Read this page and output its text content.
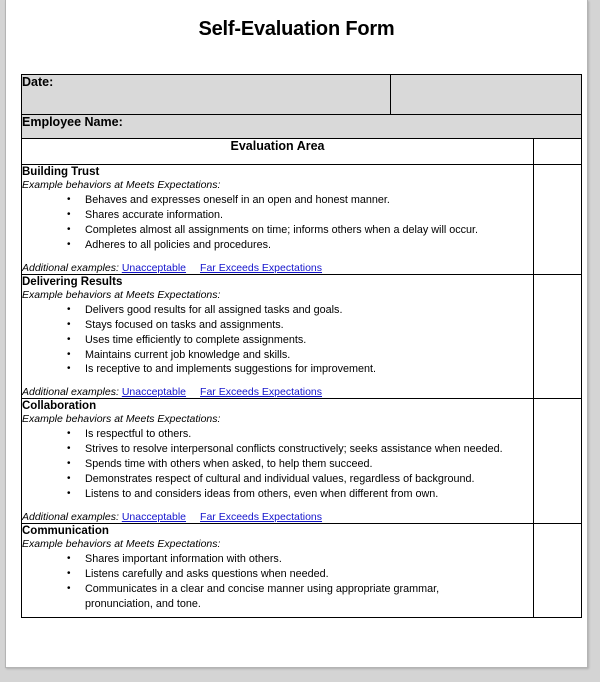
Self-Evaluation Form
Date:		
Employee Name:		
Evaluation Area		

Building Trust
Example behaviors at Meets Expectations:
• Behaves and expresses oneself in an open and honest manner.
• Shares accurate information.
• Completes almost all assignments on time; informs others when a delay will occur.
• Adheres to all policies and procedures.
Additional examples: Unacceptable Far Exceeds Expectations

Delivering Results
Example behaviors at Meets Expectations:
• Delivers good results for all assigned tasks and goals.
• Stays focused on tasks and assignments.
• Uses time efficiently to complete assignments.
• Maintains current job knowledge and skills.
• Is receptive to and implements suggestions for improvement.
Additional examples: Unacceptable Far Exceeds Expectations

Collaboration
Example behaviors at Meets Expectations:
• Is respectful to others.
• Strives to resolve interpersonal conflicts constructively; seeks assistance when needed.
• Spends time with others when asked, to help them succeed.
• Demonstrates respect of cultural and individual values, regardless of background.
• Listens to and considers ideas from others, even when different from own.
Additional examples: Unacceptable Far Exceeds Expectations

Communication
Example behaviors at Meets Expectations:
• Shares important information with others.
• Listens carefully and asks questions when needed.
• Communicates in a clear and concise manner using appropriate grammar, pronunciation, and tone.
